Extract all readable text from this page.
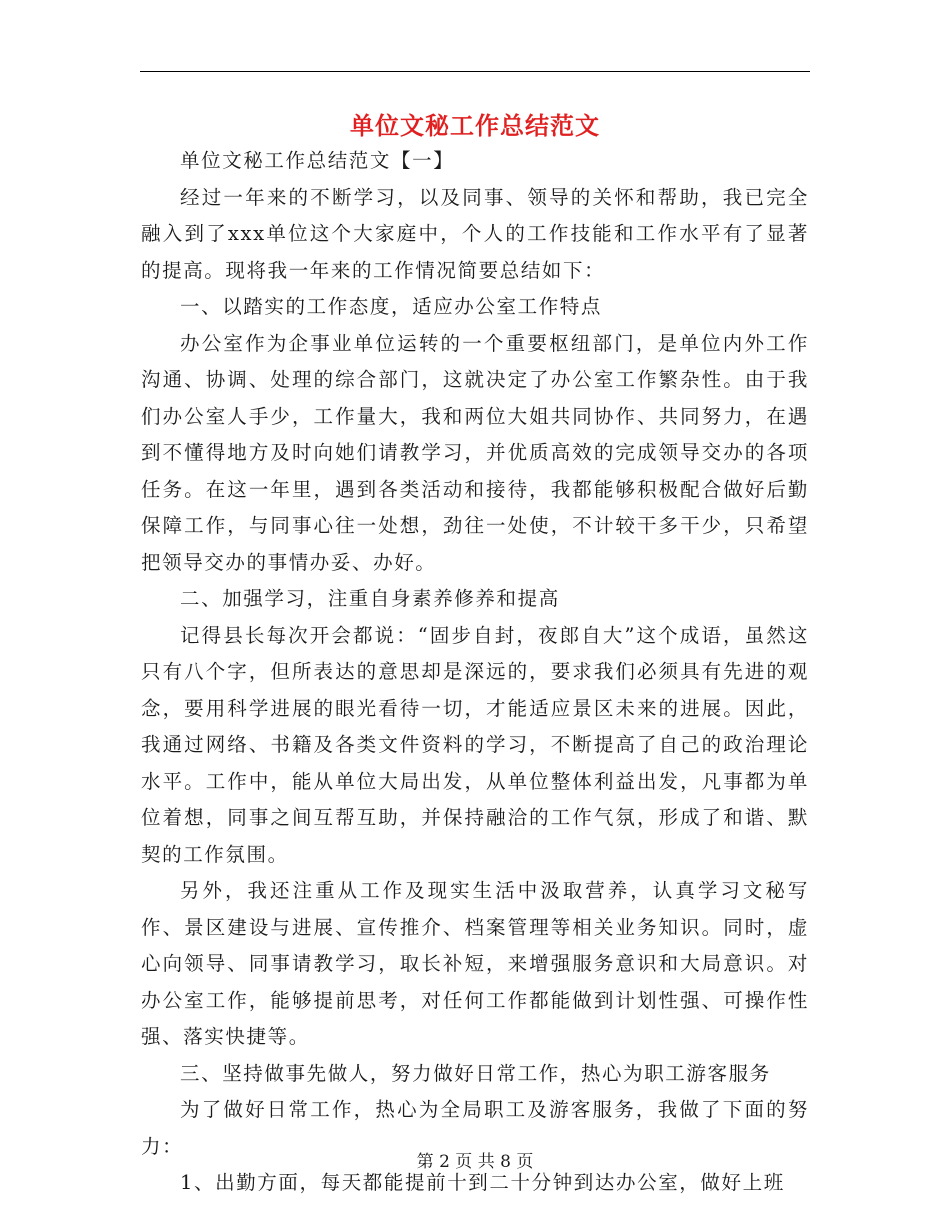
单位文秘工作总结范文

单位文秘工作总结范文【一】

经过一年来的不断学习，以及同事、领导的关怀和帮助，我已完全融入到了xxx单位这个大家庭中，个人的工作技能和工作水平有了显著的提高。现将我一年来的工作情况简要总结如下：

一、以踏实的工作态度，适应办公室工作特点

办公室作为企事业单位运转的一个重要枢纽部门，是单位内外工作沟通、协调、处理的综合部门，这就决定了办公室工作繁杂性。由于我们办公室人手少，工作量大，我和两位大姐共同协作、共同努力，在遇到不懂得地方及时向她们请教学习，并优质高效的完成领导交办的各项任务。在这一年里，遇到各类活动和接待，我都能够积极配合做好后勤保障工作，与同事心往一处想，劲往一处使，不计较干多干少，只希望把领导交办的事情办妥、办好。

二、加强学习，注重自身素养修养和提高

记得县长每次开会都说：“固步自封，夜郎自大”这个成语，虽然这只有八个字，但所表达的意思却是深远的，要求我们必须具有先进的观念，要用科学进展的眼光看待一切，才能适应景区未来的进展。因此，我通过网络、书籍及各类文件资料的学习，不断提高了自己的政治理论水平。工作中，能从单位大局出发，从单位整体利益出发，凡事都为单位着想，同事之间互帮互助，并保持融洽的工作气氛，形成了和谐、默契的工作氛围。

另外，我还注重从工作及现实生活中汲取营养，认真学习文秘写作、景区建设与进展、宣传推介、档案管理等相关业务知识。同时，虚心向领导、同事请教学习，取长补短，来增强服务意识和大局意识。对办公室工作，能够提前思考，对任何工作都能做到计划性强、可操作性强、落实快捷等。

三、坚持做事先做人，努力做好日常工作，热心为职工游客服务

为了做好日常工作，热心为全局职工及游客服务，我做了下面的努力：

1、出勤方面，每天都能提前十到二十分钟到达办公室，做好上班

第 2 页 共 8 页
